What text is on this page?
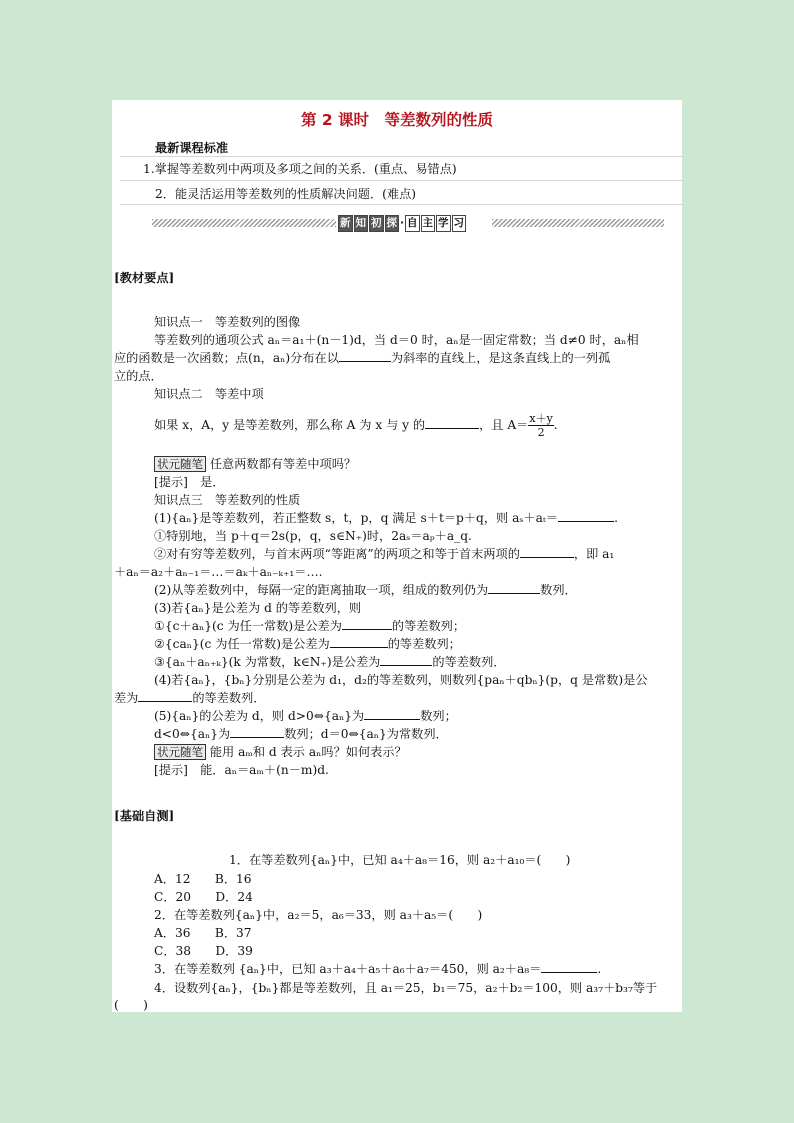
第 2 课时　等差数列的性质
最新课程标准
1.掌握等差数列中两项及多项之间的关系．(重点、易错点)
2．能灵活运用等差数列的性质解决问题．(难点)
新 知 初 探 · 自 主 学 习
[教材要点]
知识点一　等差数列的图像
等差数列的通项公式 aₙ＝a₁＋(n－1)d，当 d＝0 时，aₙ是一固定常数；当 d≠0 时，aₙ相
应的函数是一次函数；点(n，aₙ)分布在以	为斜率的直线上，是这条直线上的一列孤
立的点．
知识点二　等差中项
如果 x，A，y 是等差数列，那么称 A 为 x 与 y 的	，且 $A= \frac{x+y}{2}$ .
状元随笔 任意两数都有等差中项吗？
[提示]　是．
知识点三　等差数列的性质
(1){aₙ}是等差数列，若正整数 s，t，p，q 满足 s＋t＝p＋q，则 aₛ＋aₜ＝	.
①特别地，当 p＋q＝2s(p，q，s∈N₊)时，2aₛ＝aₚ＋a_q.
②对有穷等差数列，与首末两项“等距离”的两项之和等于首末两项的	，即 a₁
＋aₙ＝a₂＋aₙ₋₁＝…＝aₖ＋aₙ₋ₖ₊₁＝….
(2)从等差数列中，每隔一定的距离抽取一项，组成的数列仍为	数列．
(3)若{aₙ}是公差为 d 的等差数列，则
①{c＋aₙ}(c 为任一常数)是公差为	的等差数列；
②{caₙ}(c 为任一常数)是公差为	的等差数列；
③{aₙ＋aₙ₊ₖ}(k 为常数，k∈N₊)是公差为	的等差数列．
(4)若{aₙ}，{bₙ}分别是公差为 d₁，d₂的等差数列，则数列{paₙ＋qbₙ}(p，q 是常数)是公
差为	的等差数列．
(5){aₙ}的公差为 d，则 d>0⇔{aₙ}为	数列；
d<0⇔{aₙ}为	数列；d＝0⇔{aₙ}为常数列．
状元随笔 能用 aₘ和 d 表示 aₙ吗？如何表示？
[提示]　能．aₙ＝aₘ＋(n－m)d.
[基础自测]
1．在等差数列{aₙ}中，已知 a₄＋a₈＝16，则 a₂＋a₁₀＝(　　)
A．12　　B．16
C．20　　D．24
2．在等差数列{aₙ}中，a₂＝5，a₆＝33，则 a₃＋a₅＝(　　)
A．36　　B．37
C．38　　D．39
3．在等差数列 {aₙ}中，已知 a₃＋a₄＋a₅＋a₆＋a₇＝450，则 a₂＋a₈＝	.
4．设数列{aₙ}，{bₙ}都是等差数列，且 a₁＝25，b₁＝75，a₂＋b₂＝100，则 a₃₇＋b₃₇等于
(　　)
